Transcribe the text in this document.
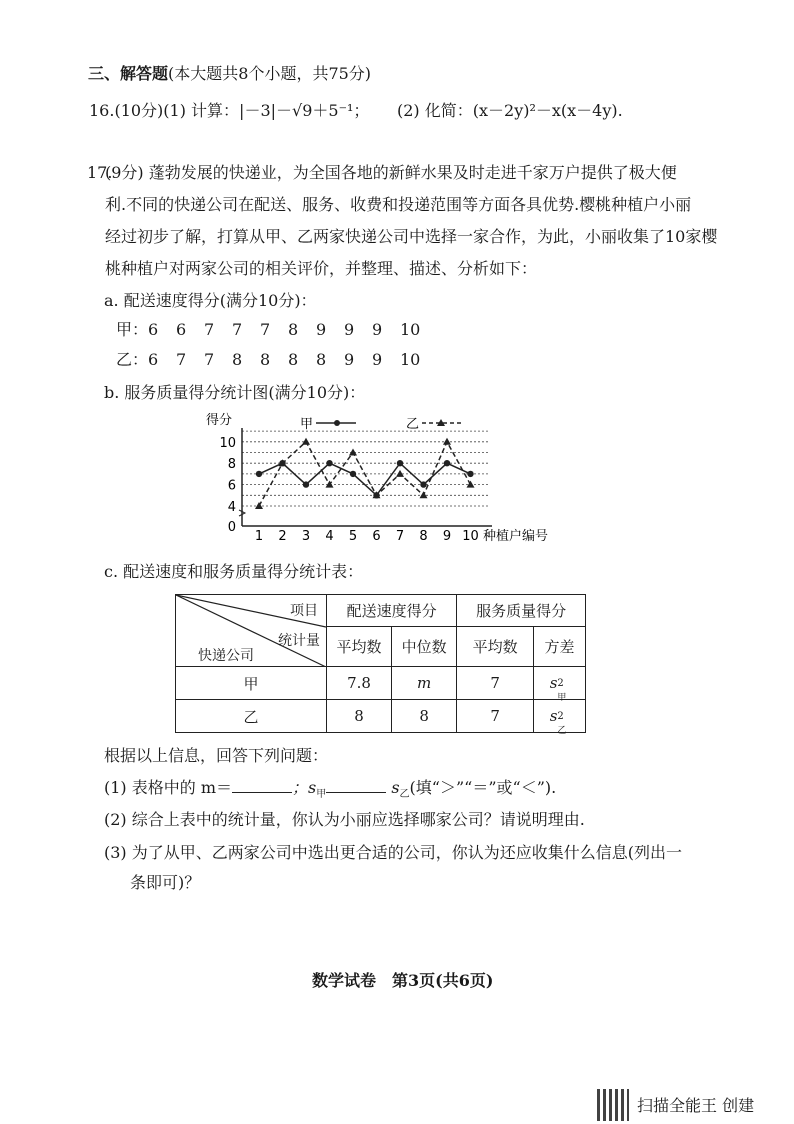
三、解答题(本大题共8个小题，共75分)
16.(10分)(1) 计算：|－3|－√9＋5⁻¹； (2) 化简：(x－2y)²－x(x－4y).
17.
(9分) 蓬勃发展的快递业，为全国各地的新鲜水果及时走进千家万户提供了极大便
利.不同的快递公司在配送、服务、收费和投递范围等方面各具优势.樱桃种植户小丽
经过初步了解，打算从甲、乙两家快递公司中选择一家合作，为此，小丽收集了10家樱
桃种植户对两家公司的相关评价，并整理、描述、分析如下：
a. 配送速度得分(满分10分)：
甲：6 6 7 7 7 8 9 9 9 10
乙：6 7 7 8 8 8 8 9 9 10
b. 服务质量得分统计图(满分10分)：
得分
种植户编号
甲	乙
0
4
6
8
10
1 2 3 4 5 6 7 8 9 10
c. 配送速度和服务质量得分统计表：
项目
统计量
快递公司	配送速度得分		服务质量得分	
	平均数	中位数	平均数	方差
甲	7.8	m	7	s 2
甲

乙	8	8	7	s 2
乙
根据以上信息，回答下列问题：
(1) 表格中的 m＝	；$s_甲$	$s_乙$(填“＞”“＝”或“＜”).
(2) 综合上表中的统计量，你认为小丽应选择哪家公司？请说明理由.
(3) 为了从甲、乙两家公司中选出更合适的公司，你认为还应收集什么信息(列出一
条即可)？
数学试卷　第3页(共6页)
扫描全能王 创建
